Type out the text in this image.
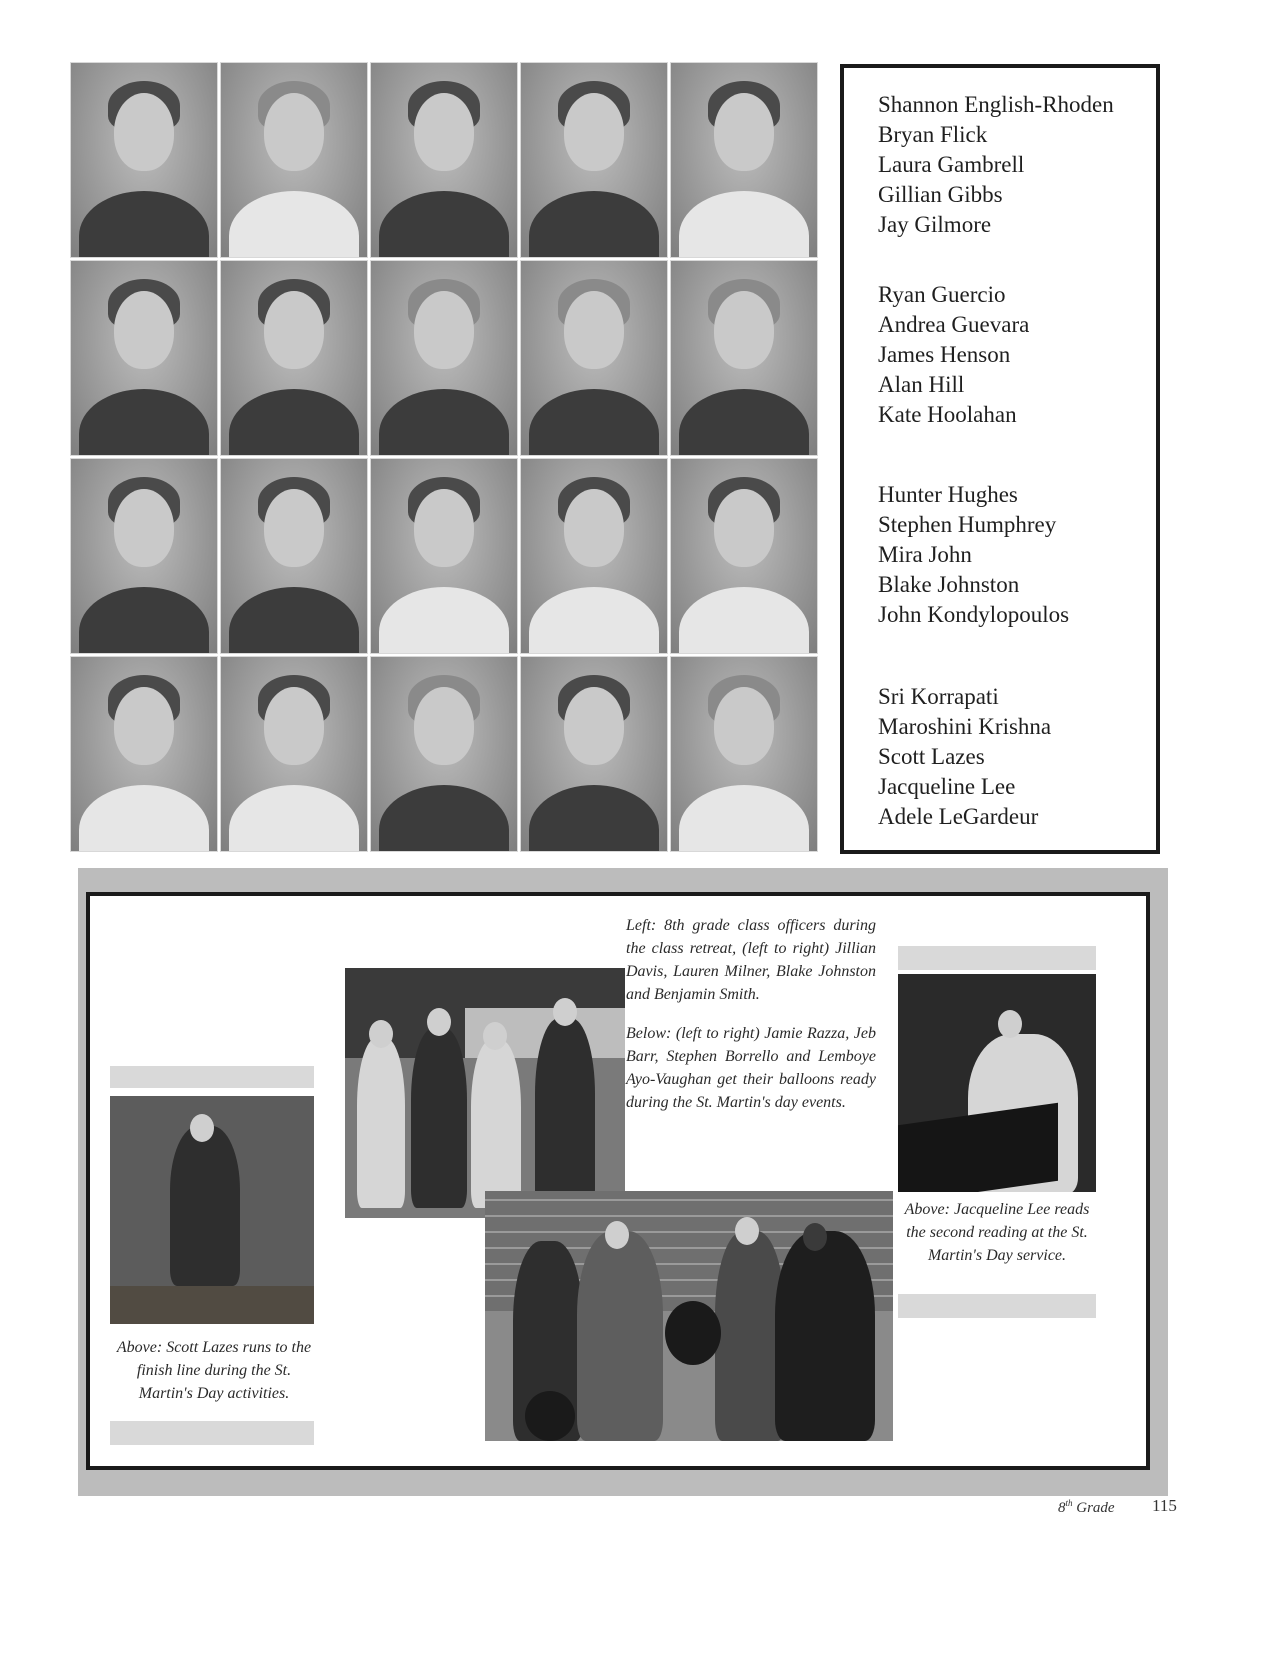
Shannon English-Rhoden
Bryan Flick
Laura Gambrell
Gillian Gibbs
Jay Gilmore
Ryan Guercio
Andrea Guevara
James Henson
Alan Hill
Kate Hoolahan
Hunter Hughes
Stephen Humphrey
Mira John
Blake Johnston
John Kondylopoulos
Sri Korrapati
Maroshini Krishna
Scott Lazes
Jacqueline Lee
Adele LeGardeur
Above: Scott Lazes runs to the finish line during the St. Martin's Day activities.

Left: 8th grade class officers during the class retreat, (left to right) Jillian Davis, Lauren Milner, Blake Johnston and Benjamin Smith.

Below: (left to right) Jamie Razza, Jeb Barr, Stephen Borrello and Lemboye Ayo-Vaughan get their balloons ready during the St. Martin's day events.

Above: Jacqueline Lee reads the second reading at the St. Martin's Day service.
8th Grade 115
